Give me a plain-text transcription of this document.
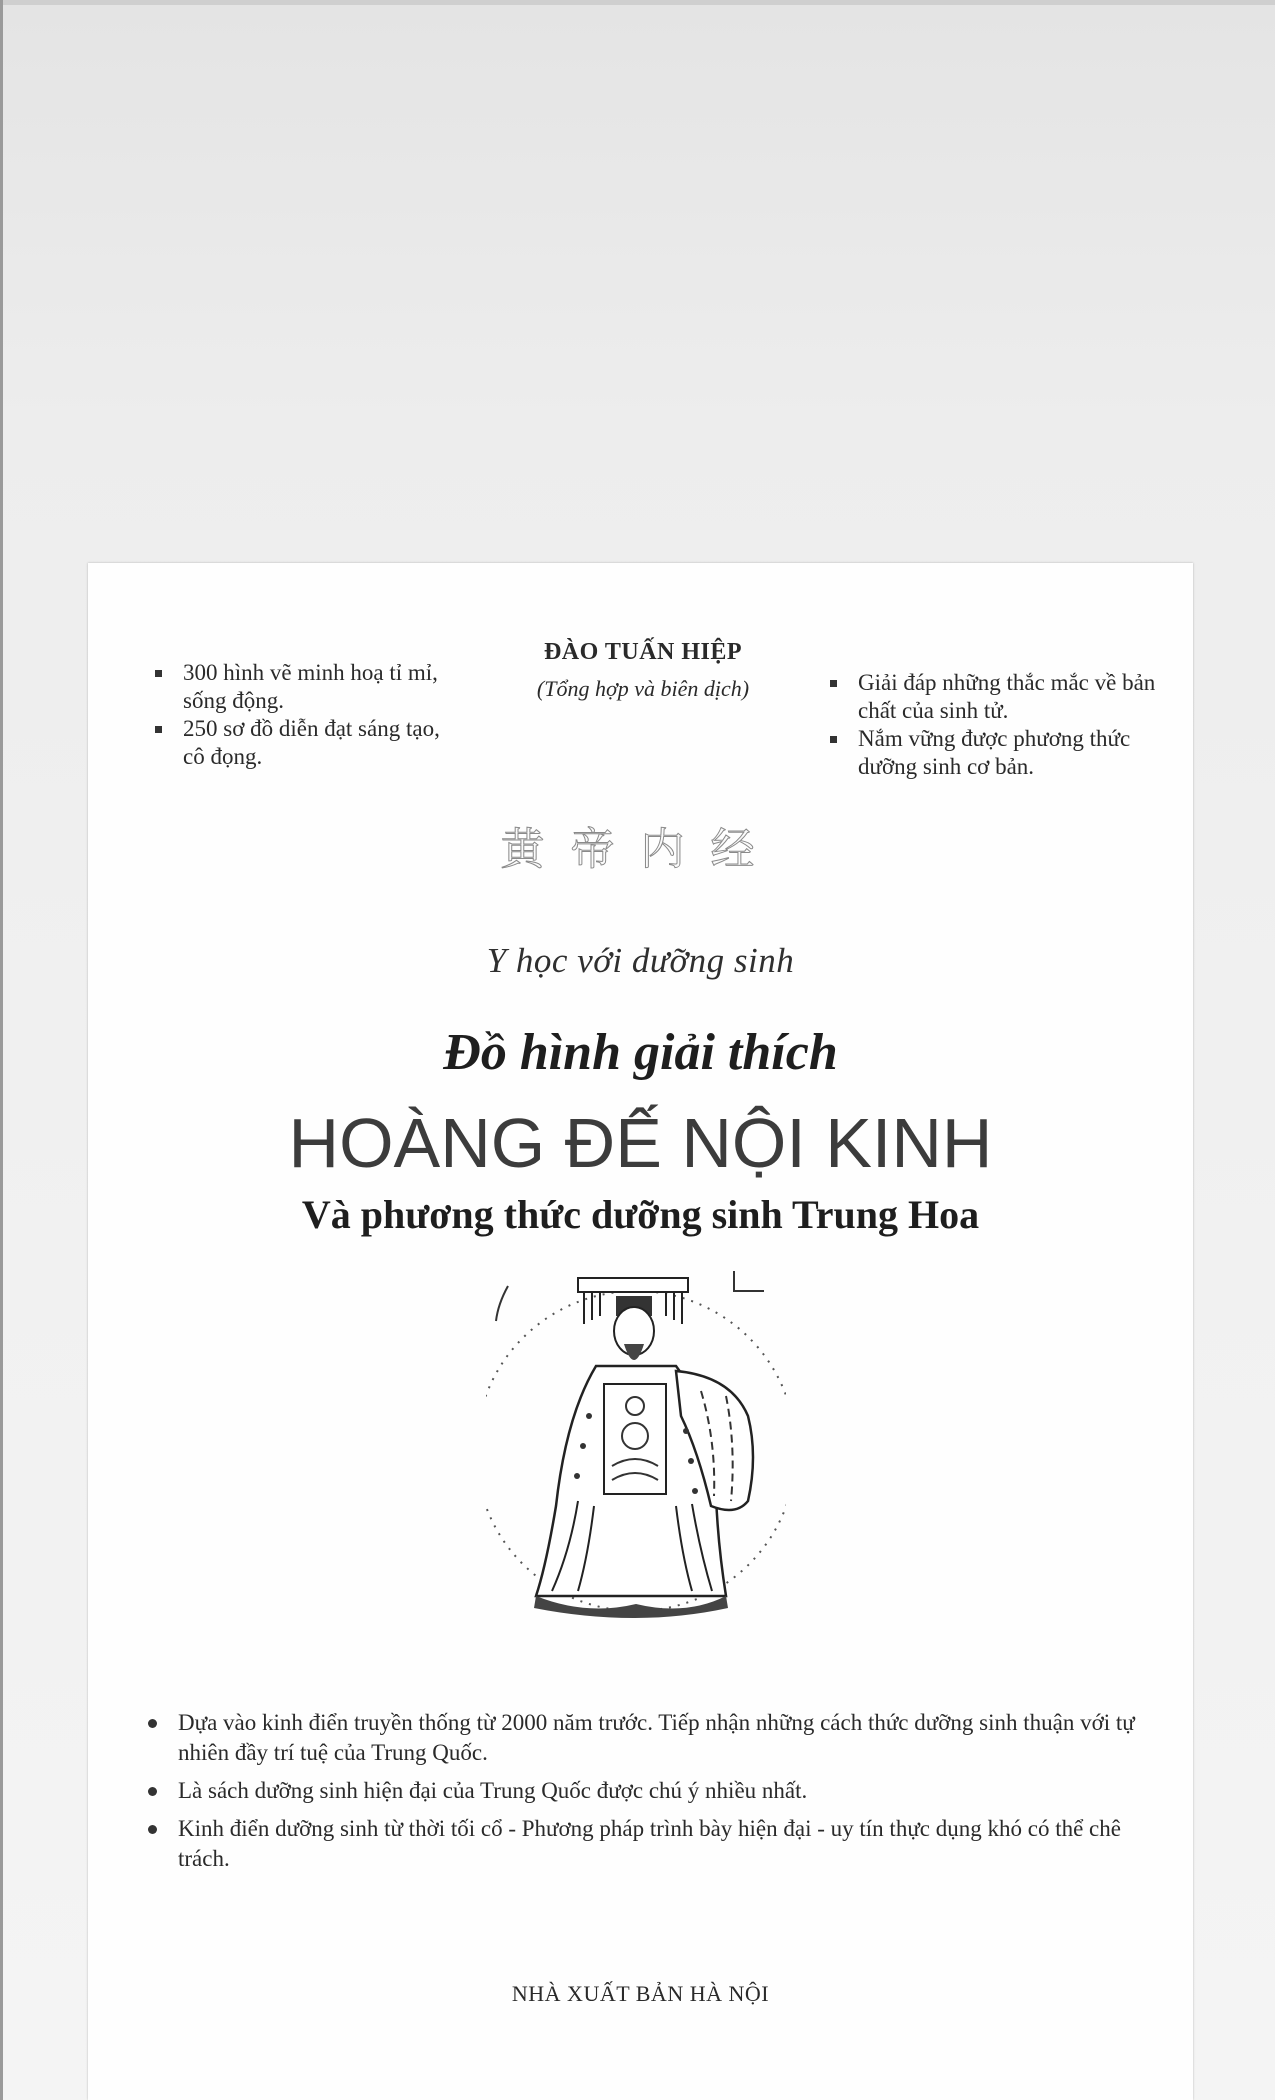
300 hình vẽ minh hoạ tỉ mỉ, sống động.
250 sơ đồ diễn đạt sáng tạo, cô đọng.
ĐÀO TUẤN HIỆP
(Tổng hợp và biên dịch)	Giải đáp những thắc mắc về bản chất của sinh tử.
Nắm vững được phương thức dưỡng sinh cơ bản.
黄帝内经
Y học với dưỡng sinh
Đồ hình giải thích
HOÀNG ĐẾ NỘI KINH
Và phương thức dưỡng sinh Trung Hoa
Dựa vào kinh điển truyền thống từ 2000 năm trước. Tiếp nhận những cách thức dưỡng sinh thuận với tự nhiên đầy trí tuệ của Trung Quốc.
Là sách dưỡng sinh hiện đại của Trung Quốc được chú ý nhiều nhất.
Kinh điển dưỡng sinh từ thời tối cổ - Phương pháp trình bày hiện đại - uy tín thực dụng khó có thể chê trách.
NHÀ XUẤT BẢN HÀ NỘI
